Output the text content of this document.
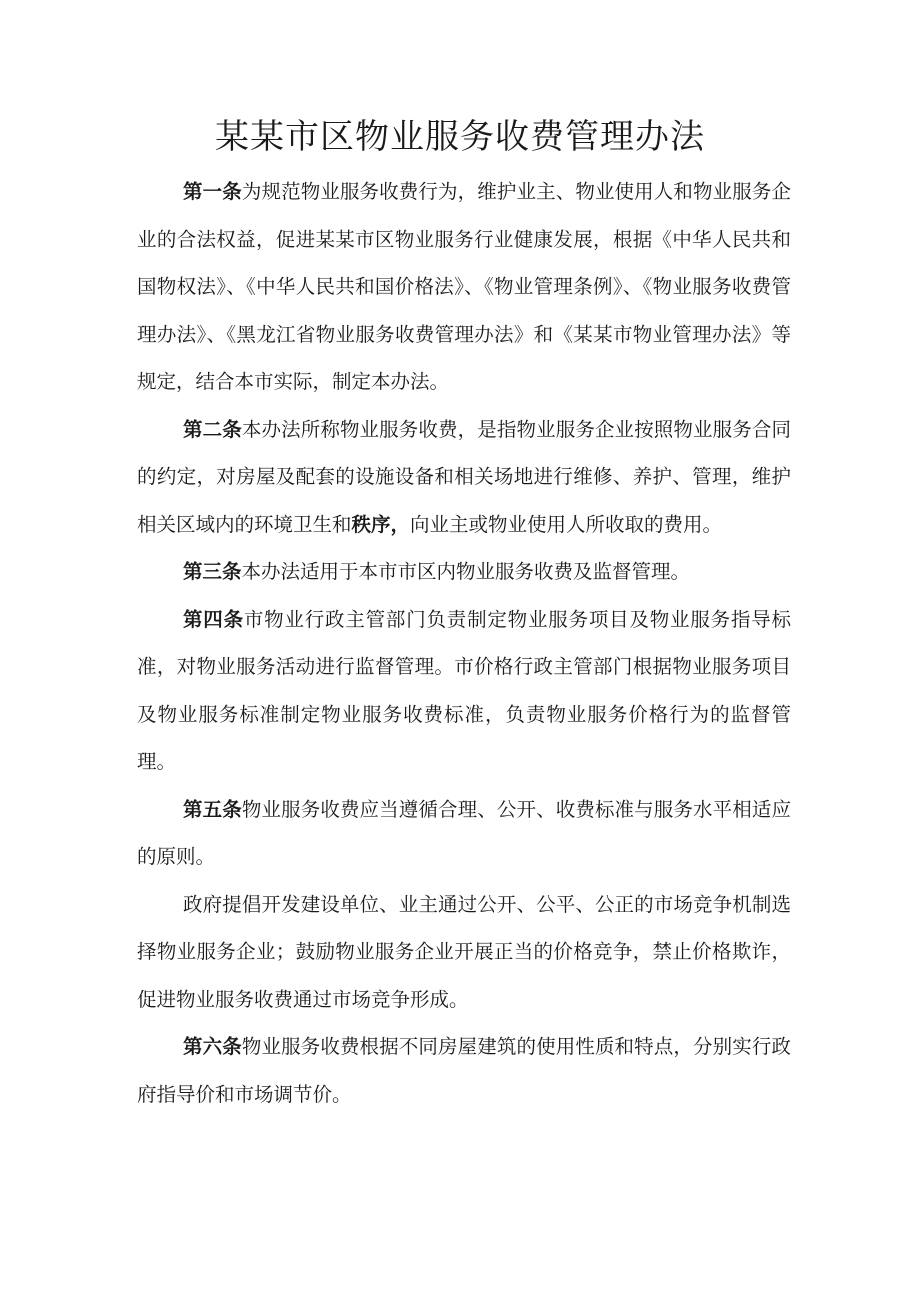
某某市区物业服务收费管理办法

第一条为规范物业服务收费行为，维护业主、物业使用人和物业服务企业的合法权益，促进某某市区物业服务行业健康发展，根据《中华人民共和国物权法》、《中华人民共和国价格法》、《物业管理条例》、《物业服务收费管理办法》、《黑龙江省物业服务收费管理办法》和《某某市物业管理办法》等规定，结合本市实际，制定本办法。

第二条本办法所称物业服务收费，是指物业服务企业按照物业服务合同的约定，对房屋及配套的设施设备和相关场地进行维修、养护、管理，维护相关区域内的环境卫生和秩序，向业主或物业使用人所收取的费用。

第三条本办法适用于本市市区内物业服务收费及监督管理。

第四条市物业行政主管部门负责制定物业服务项目及物业服务指导标准，对物业服务活动进行监督管理。市价格行政主管部门根据物业服务项目及物业服务标准制定物业服务收费标准，负责物业服务价格行为的监督管理。

第五条物业服务收费应当遵循合理、公开、收费标准与服务水平相适应的原则。

政府提倡开发建设单位、业主通过公开、公平、公正的市场竞争机制选择物业服务企业；鼓励物业服务企业开展正当的价格竞争，禁止价格欺诈，促进物业服务收费通过市场竞争形成。

第六条物业服务收费根据不同房屋建筑的使用性质和特点，分别实行政府指导价和市场调节价。
